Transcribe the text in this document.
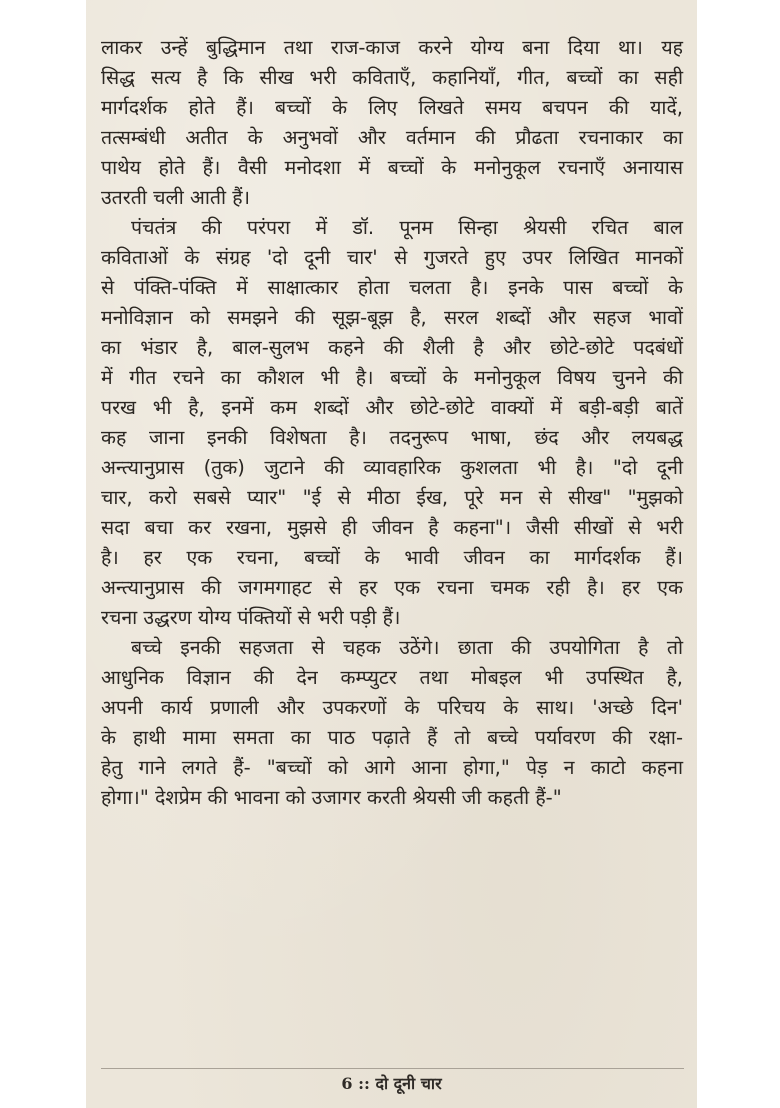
लाकर उन्हें बुद्धिमान तथा राज-काज करने योग्य बना दिया था। यह
सिद्ध सत्य है कि सीख भरी कविताएँ, कहानियाँ, गीत, बच्चों का सही
मार्गदर्शक होते हैं। बच्चों के लिए लिखते समय बचपन की यादें,
तत्सम्बंधी अतीत के अनुभवों और वर्तमान की प्रौढता रचनाकार का
पाथेय होते हैं। वैसी मनोदशा में बच्चों के मनोनुकूल रचनाएँ अनायास
उतरती चली आती हैं।

पंचतंत्र की परंपरा में डॉ. पूनम सिन्हा श्रेयसी रचित बाल
कविताओं के संग्रह 'दो दूनी चार' से गुजरते हुए उपर लिखित मानकों
से पंक्ति-पंक्ति में साक्षात्कार होता चलता है। इनके पास बच्चों के
मनोविज्ञान को समझने की सूझ-बूझ है, सरल शब्दों और सहज भावों
का भंडार है, बाल-सुलभ कहने की शैली है और छोटे-छोटे पदबंधों
में गीत रचने का कौशल भी है। बच्चों के मनोनुकूल विषय चुनने की
परख भी है, इनमें कम शब्दों और छोटे-छोटे वाक्यों में बड़ी-बड़ी बातें
कह जाना इनकी विशेषता है। तदनुरूप भाषा, छंद और लयबद्ध
अन्त्यानुप्रास (तुक) जुटाने की व्यावहारिक कुशलता भी है। "दो दूनी
चार, करो सबसे प्यार" "ई से मीठा ईख, पूरे मन से सीख" "मुझको
सदा बचा कर रखना, मुझसे ही जीवन है कहना"। जैसी सीखों से भरी
है। हर एक रचना, बच्चों के भावी जीवन का मार्गदर्शक हैं।
अन्त्यानुप्रास की जगमगाहट से हर एक रचना चमक रही है। हर एक
रचना उद्धरण योग्य पंक्तियों से भरी पड़ी हैं।

बच्चे इनकी सहजता से चहक उठेंगे। छाता की उपयोगिता है तो
आधुनिक विज्ञान की देन कम्प्युटर तथा मोबइल भी उपस्थित है,
अपनी कार्य प्रणाली और उपकरणों के परिचय के साथ। 'अच्छे दिन'
के हाथी मामा समता का पाठ पढ़ाते हैं तो बच्चे पर्यावरण की रक्षा-
हेतु गाने लगते हैं- "बच्चों को आगे आना होगा," पेड़ न काटो कहना
होगा।" देशप्रेम की भावना को उजागर करती श्रेयसी जी कहती हैं-"

6 :: दो दूनी चार
